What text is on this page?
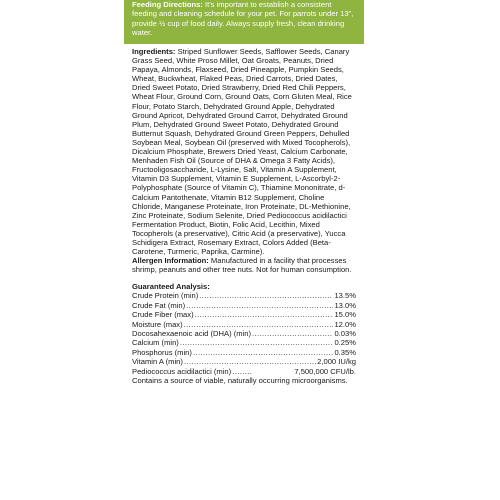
Feeding Directions: It's important to establish a consistent feeding and cleaning schedule for your pet. For parrots under 13", provide ½ cup of food daily. Always supply fresh, clean drinking water.

Ingredients: Striped Sunflower Seeds, Safflower Seeds, Canary Grass Seed, White Proso Millet, Oat Groats, Peanuts, Dried Papaya, Almonds, Flaxseed, Dried Pineapple, Pumpkin Seeds, Wheat, Buckwheat, Flaked Peas, Dried Carrots, Dried Dates, Dried Sweet Potato, Dried Strawberry, Dried Red Chili Peppers, Wheat Flour, Ground Corn, Ground Oats, Corn Gluten Meal, Rice Flour, Potato Starch, Dehydrated Ground Apple, Dehydrated Ground Apricot, Dehydrated Ground Carrot, Dehydrated Ground Plum, Dehydrated Ground Sweet Potato, Dehydrated Ground Butternut Squash, Dehydrated Ground Green Peppers, Dehulled Soybean Meal, Soybean Oil (preserved with Mixed Tocopherols), Dicalcium Phosphate, Brewers Dried Yeast, Calcium Carbonate, Menhaden Fish Oil (Source of DHA & Omega 3 Fatty Acids), Fructooligosaccharide, L-Lysine, Salt, Vitamin A Supplement, Vitamin D3 Supplement, Vitamin E Supplement, L-Ascorbyl-2-Polyphosphate (Source of Vitamin C), Thiamine Mononitrate, d-Calcium Pantothenate, Vitamin B12 Supplement, Choline Chloride, Manganese Proteinate, Iron Proteinate, DL-Methionine, Zinc Proteinate, Sodium Selenite, Dried Pediococcus acidilactici Fermentation Product, Biotin, Folic Acid, Lecithin, Mixed Tocopherols (a preservative), Citric Acid (a preservative), Yucca Schidigera Extract, Rosemary Extract, Colors Added (Beta-Carotene, Turmeric, Paprika, Carmine).

Allergen Information: Manufactured in a facility that processes shrimp, peanuts and other tree nuts. Not for human consumption.

Guaranteed Analysis:

Crude Protein (min) .....	13.5%
Crude Fat (min) .....	13.0%
Crude Fiber (max) .....	15.0%
Moisture (max) .....	12.0%
Docosahexaenoic acid (DHA) (min) .....	0.03%
Calcium (min) .....	0.25%
Phosphorus (min) .....	0.35%
Vitamin A (min) .....	2,000 IU/kg
Pediococcus acidilactici (min) .....	7,500,000 CFU/lb.

Contains a source of viable, naturally occurring microorganisms.
